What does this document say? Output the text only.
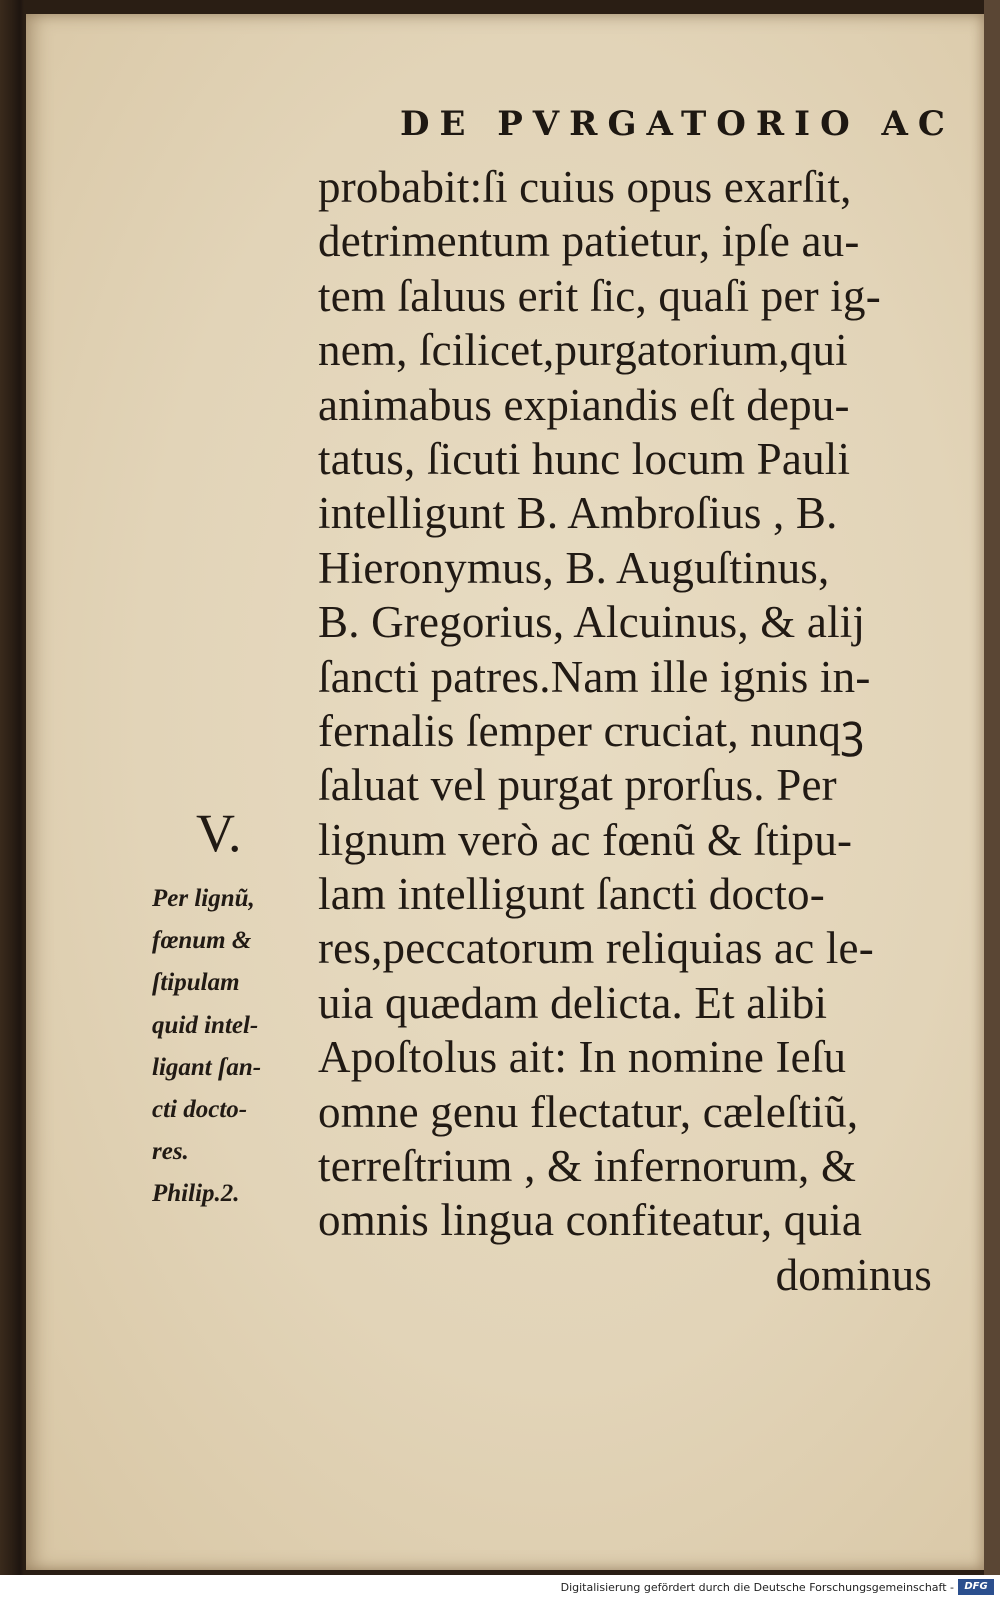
DE PVRGATORIO AC
probabit:ſi cuius opus exarſit,
detrimentum patietur, ipſe au-
tem ſaluus erit ſic, quaſi per ig-
nem, ſcilicet,purgatorium,qui
animabus expiandis eſt depu-
tatus, ſicuti hunc locum Pauli
intelligunt B. Ambroſius , B.
Hieronymus, B. Auguſtinus,
B. Gregorius, Alcuinus, & alij
ſancti patres.Nam ille ignis in-
fernalis ſemper cruciat, nunqꝫ
ſaluat vel purgat prorſus. Per
lignum verò ac fœnũ & ſtipu-
lam intelligunt ſancti docto-
res,peccatorum reliquias ac le-
uia quædam delicta. Et alibi
Apoſtolus ait: In nomine Ieſu
omne genu flectatur, cæleſtiũ,
terreſtrium , & infernorum, &
omnis lingua confiteatur, quia
dominus
V.
Per lignũ,
fœnum &
ſtipulam
quid intel-
ligant ſan-
cti docto-
res.
Philip.2.
Digitalisierung gefördert durch die Deutsche Forschungsgemeinschaft -	DFG
